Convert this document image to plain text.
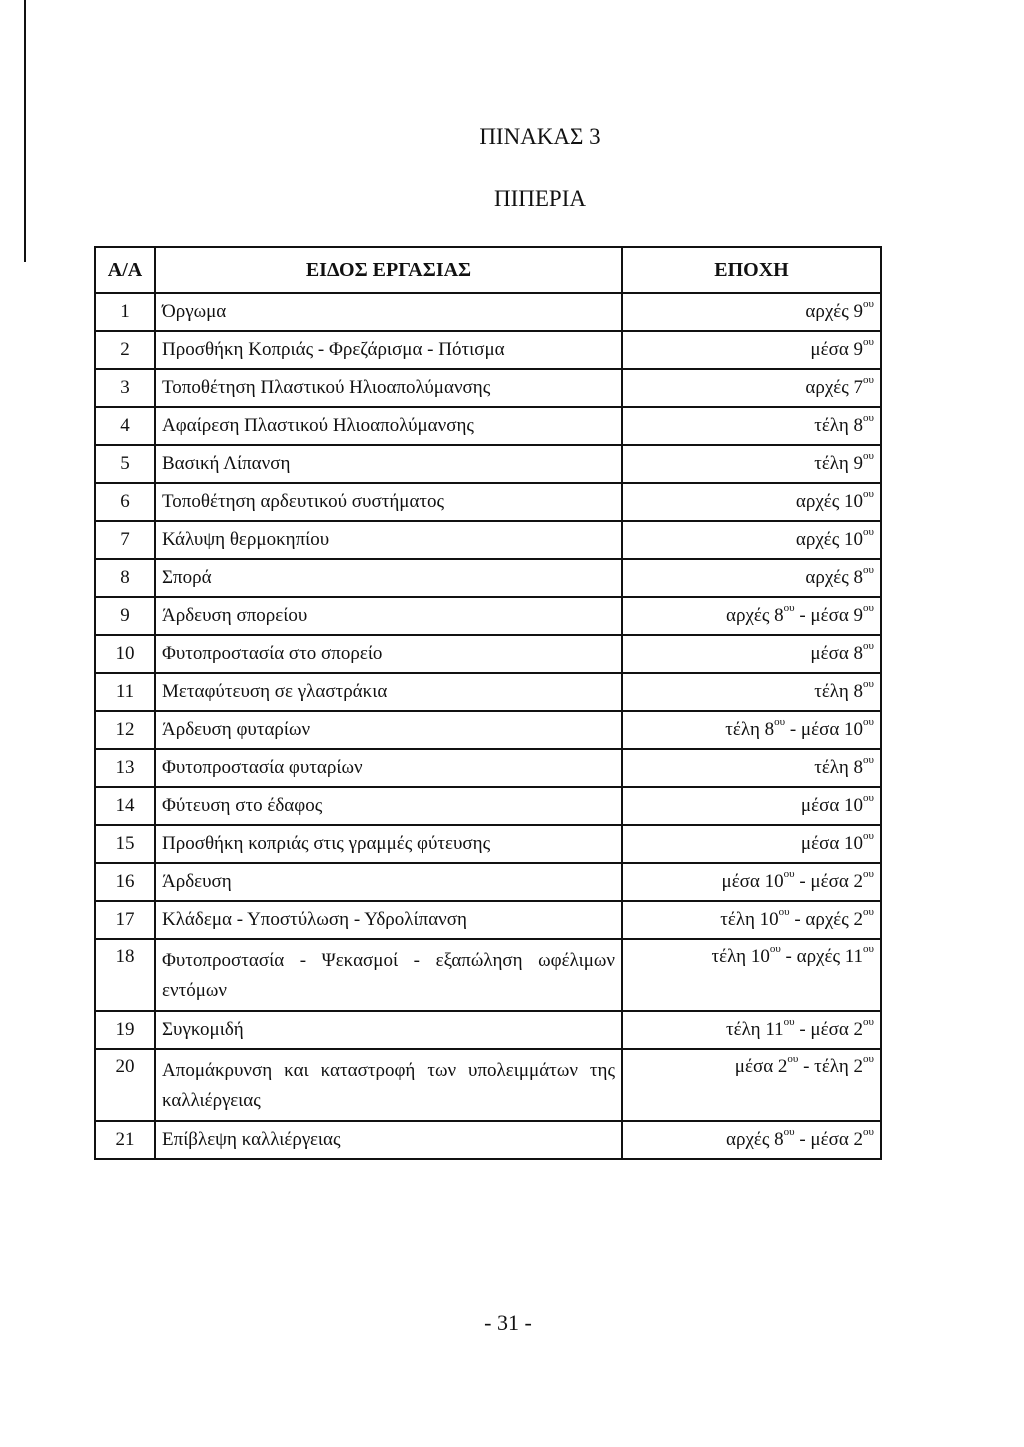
ΠΙΝΑΚΑΣ 3
ΠΙΠΕΡΙΑ
Α/Α	ΕΙΔΟΣ ΕΡΓΑΣΙΑΣ	ΕΠΟΧΗ
1	Όργωμα	αρχές $9^{o\upsilon}$
2	Προσθήκη Κοπριάς - Φρεζάρισμα - Πότισμα	μέσα $9^{o\upsilon}$
3	Τοποθέτηση Πλαστικού Ηλιοαπολύμανσης	αρχές $7^{o\upsilon}$
4	Αφαίρεση Πλαστικού Ηλιοαπολύμανσης	τέλη $8^{o\upsilon}$
5	Βασική Λίπανση	τέλη $9^{o\upsilon}$
6	Τοποθέτηση αρδευτικού συστήματος	αρχές $10^{o\upsilon}$
7	Κάλυψη θερμοκηπίου	αρχές $10^{o\upsilon}$
8	Σπορά	αρχές $8^{o\upsilon}$
9	Άρδευση σπορείου	αρχές $8^{o\upsilon}$ - μέσα $9^{o\upsilon}$
10	Φυτοπροστασία στο σπορείο	μέσα $8^{o\upsilon}$
11	Μεταφύτευση σε γλαστράκια	τέλη $8^{o\upsilon}$
12	Άρδευση φυταρίων	τέλη $8^{o\upsilon}$ - μέσα $10^{o\upsilon}$
13	Φυτοπροστασία φυταρίων	τέλη $8^{o\upsilon}$
14	Φύτευση στο έδαφος	μέσα $10^{o\upsilon}$
15	Προσθήκη κοπριάς στις γραμμές φύτευσης	μέσα $10^{o\upsilon}$
16	Άρδευση	μέσα $10^{o\upsilon}$ - μέσα $2^{o\upsilon}$
17	Κλάδεμα - Υποστύλωση - Υδρολίπανση	τέλη $10^{o\upsilon}$ - αρχές $2^{o\upsilon}$
18	Φυτοπροστασία - Ψεκασμοί - εξαπώληση ωφέλιμων εντόμων	τέλη $10^{o\upsilon}$ - αρχές $11^{o\upsilon}$
19	Συγκομιδή	τέλη $11^{o\upsilon}$ - μέσα $2^{o\upsilon}$
20	Απομάκρυνση και καταστροφή των υπολειμμάτων της καλλιέργειας	μέσα $2^{o\upsilon}$ - τέλη $2^{o\upsilon}$
21	Επίβλεψη καλλιέργειας	αρχές $8^{o\upsilon}$ - μέσα $2^{o\upsilon}$
- 31 -
